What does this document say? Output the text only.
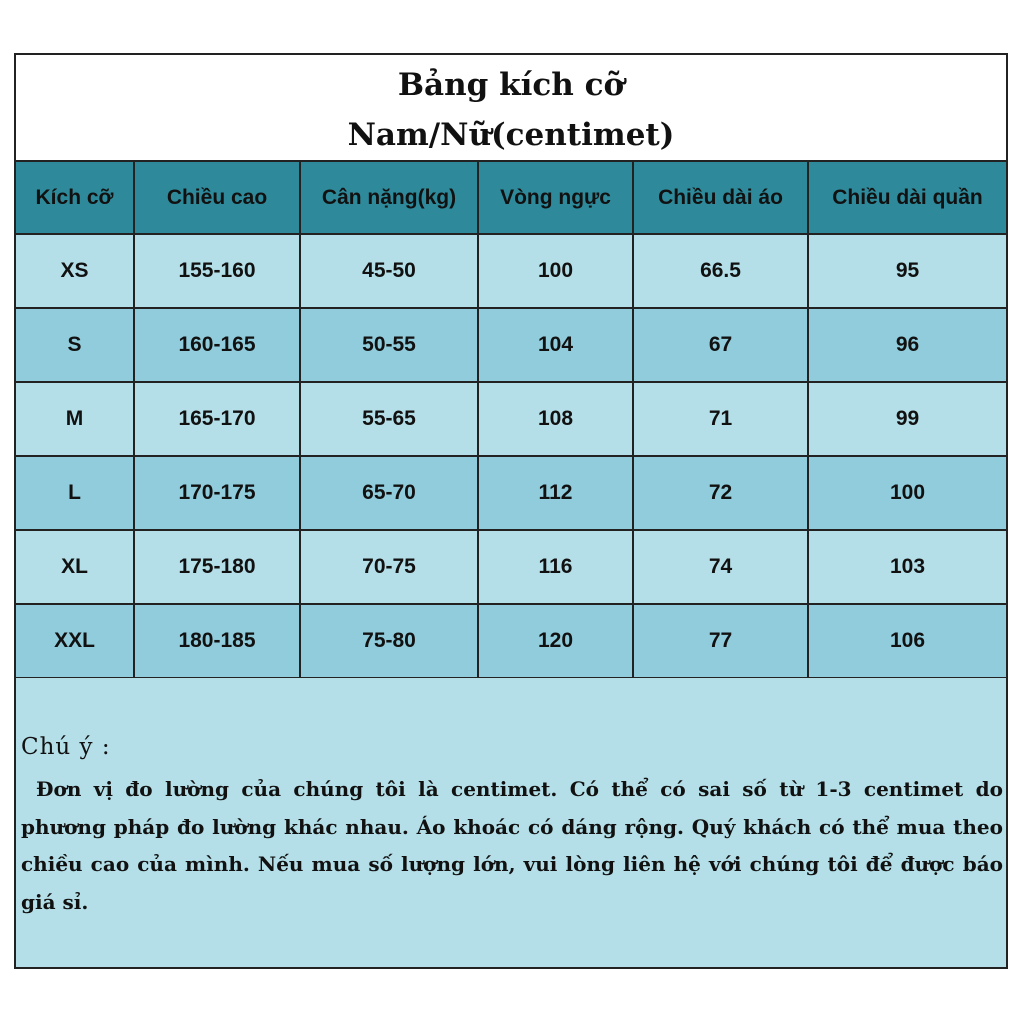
Bảng kích cỡ
Nam/Nữ(centimet)
Kích cỡ	Chiều cao	Cân nặng(kg)	Vòng ngực	Chiều dài áo	Chiều dài quần
XS	155-160	45-50	100	66.5	95
S	160-165	50-55	104	67	96
M	165-170	55-65	108	71	99
L	170-175	65-70	112	72	100
XL	175-180	70-75	116	74	103
XXL	180-185	75-80	120	77	106
Chú ý :
Đơn vị đo lường của chúng tôi là centimet. Có thể có sai số từ 1-3 centimet do phương pháp đo lường khác nhau. Áo khoác có dáng rộng. Quý khách có thể mua theo chiều cao của mình. Nếu mua số lượng lớn, vui lòng liên hệ với chúng tôi để được báo giá sỉ.
